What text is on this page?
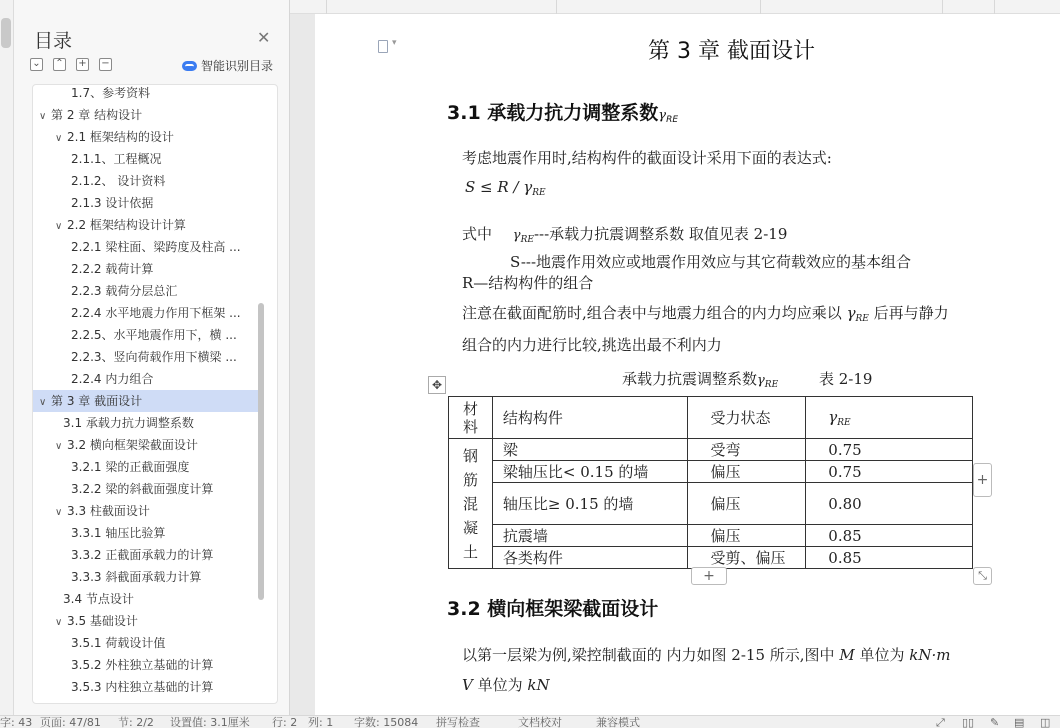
目录	✕
⌄ ⌃ + −	智能识别目录
1.7、参考资料
∨ 第 2 章 结构设计
∨ 2.1 框架结构的设计
2.1.1、工程概况
2.1.2、 设计资料
2.1.3 设计依据
∨ 2.2 框架结构设计计算
2.2.1 梁柱面、梁跨度及柱高 ...
2.2.2 载荷计算
2.2.3 载荷分层总汇
2.2.4 水平地震力作用下框架 ...
2.2.5、水平地震作用下，横 ...
2.2.3、竖向荷载作用下横梁 ...
2.2.4 内力组合
∨ 第 3 章 截面设计
3.1 承载力抗力调整系数
∨ 3.2 横向框架梁截面设计
3.2.1 梁的正截面强度
3.2.2 梁的斜截面强度计算
∨ 3.3 柱截面设计
3.3.1 轴压比验算
3.3.2 正截面承载力的计算
3.3.3 斜截面承载力计算
3.4 节点设计
∨ 3.5 基础设计
3.5.1 荷载设计值
3.5.2 外柱独立基础的计算
3.5.3 内柱独立基础的计算
▾
第 3 章 截面设计
3.1 承载力抗力调整系数$\gamma_{RE}$
考虑地震作用时,结构构件的截面设计采用下面的表达式:
$S \le R / \gamma_{RE}$
式中 $\gamma_{RE}---$承载力抗震调整系数 取值见表 2-19
S---地震作用效应或地震作用效应与其它荷载效应的基本组合
R—结构构件的组合
注意在截面配筋时,组合表中与地震力组合的内力均应乘以 $\gamma_{RE}$ 后再与静力
组合的内力进行比较,挑选出最不利内力
承载力抗震调整系数$\gamma_{RE}$	表 2-19
✥
材料	结构构件	受力状态	$\gamma_{RE}$

钢筋混凝土	梁	受弯	0.75
	梁轴压比< 0.15 的墙	偏压	0.75
	轴压比≥ 0.15 的墙	偏压	0.80
	抗震墙	偏压	0.85
	各类构件	受剪、偏压	0.85
+
+	⤡
3.2 横向框架梁截面设计
以第一层梁为例,梁控制截面的 内力如图 2-15 所示,图中 M 单位为 kN·m
V 单位为 kN
字: 43 页面: 47/81 节: 2/2 设置值: 3.1厘米 行: 2 列: 1 字数: 15084 拼写检查	文档校对	兼容模式	⤢ ▯▯ ✎ ▤ ◫
